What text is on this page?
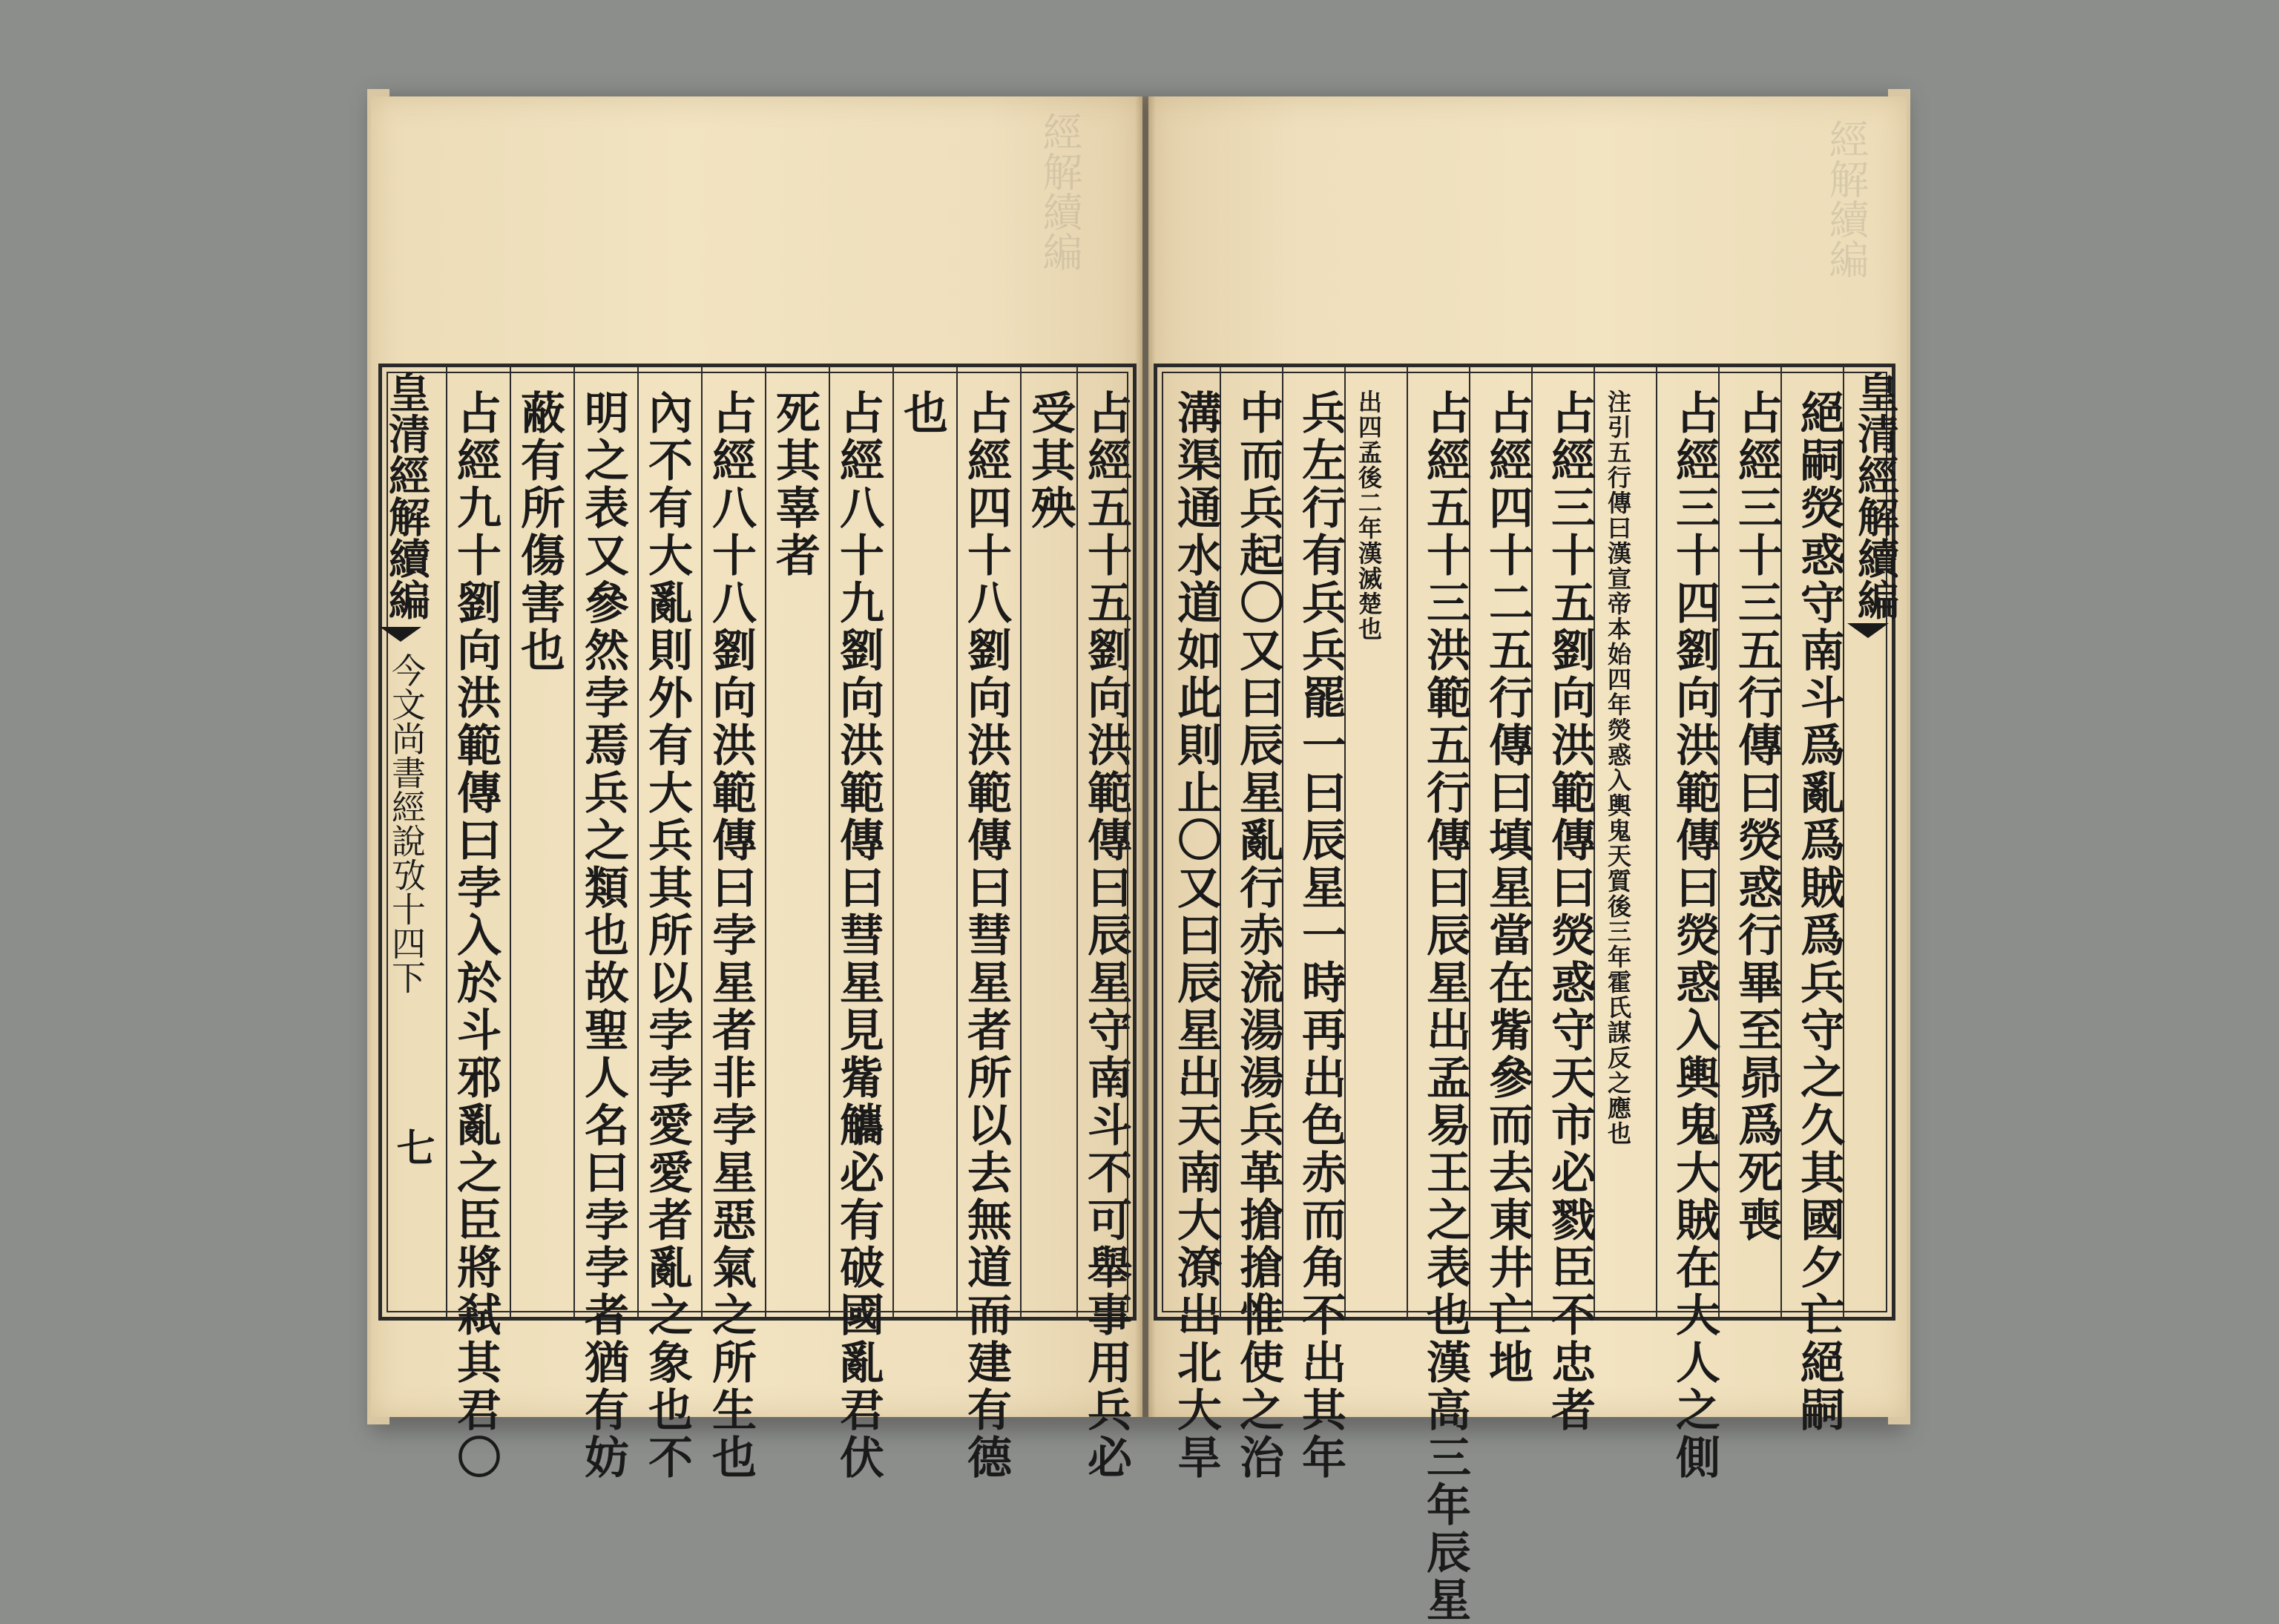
經解續編	經解續編
占經五十五劉向洪範傳曰辰星守南斗不可舉事用兵必
受其殃
占經四十八劉向洪範傳曰彗星者所以去無道而建有德
也
占經八十九劉向洪範傳曰彗星見觜觿必有破國亂君伏
死其辜者
占經八十八劉向洪範傳曰孛星者非孛星惡氣之所生也
內不有大亂則外有大兵其所以孛孛愛愛者亂之象也不
明之表又參然孛焉兵之類也故聖人名曰孛孛者猶有妨
蔽有所傷害也
占經九十劉向洪範傳曰孛入於斗邪亂之臣將弒其君〇
皇清經解續編
今文尚書經說攷十四下
七	絕嗣熒惑守南斗爲亂爲賊爲兵守之久其國夕亡絕嗣
占經三十三五行傳曰熒惑行畢至昴爲死喪
占經三十四劉向洪範傳曰熒惑入輿鬼大賊在大人之側
注引五行傳曰漢宣帝本始四年熒惑入輿鬼天質後三年霍氏謀反之應也
占經三十五劉向洪範傳曰熒惑守天市必戮臣不忠者
占經四十二五行傳曰填星當在觜參而去東井亡地
占經五十三洪範五行傳曰辰星出孟易王之表也漢高三年辰星
出四孟後二年漢滅楚也
兵左行有兵兵罷一曰辰星一時再出色赤而角不出其年
中而兵起〇又曰辰星亂行赤流湯湯兵革搶搶惟使之治
溝渠通水道如此則止〇又曰辰星出天南大潦出北大旱	皇清經解續編
